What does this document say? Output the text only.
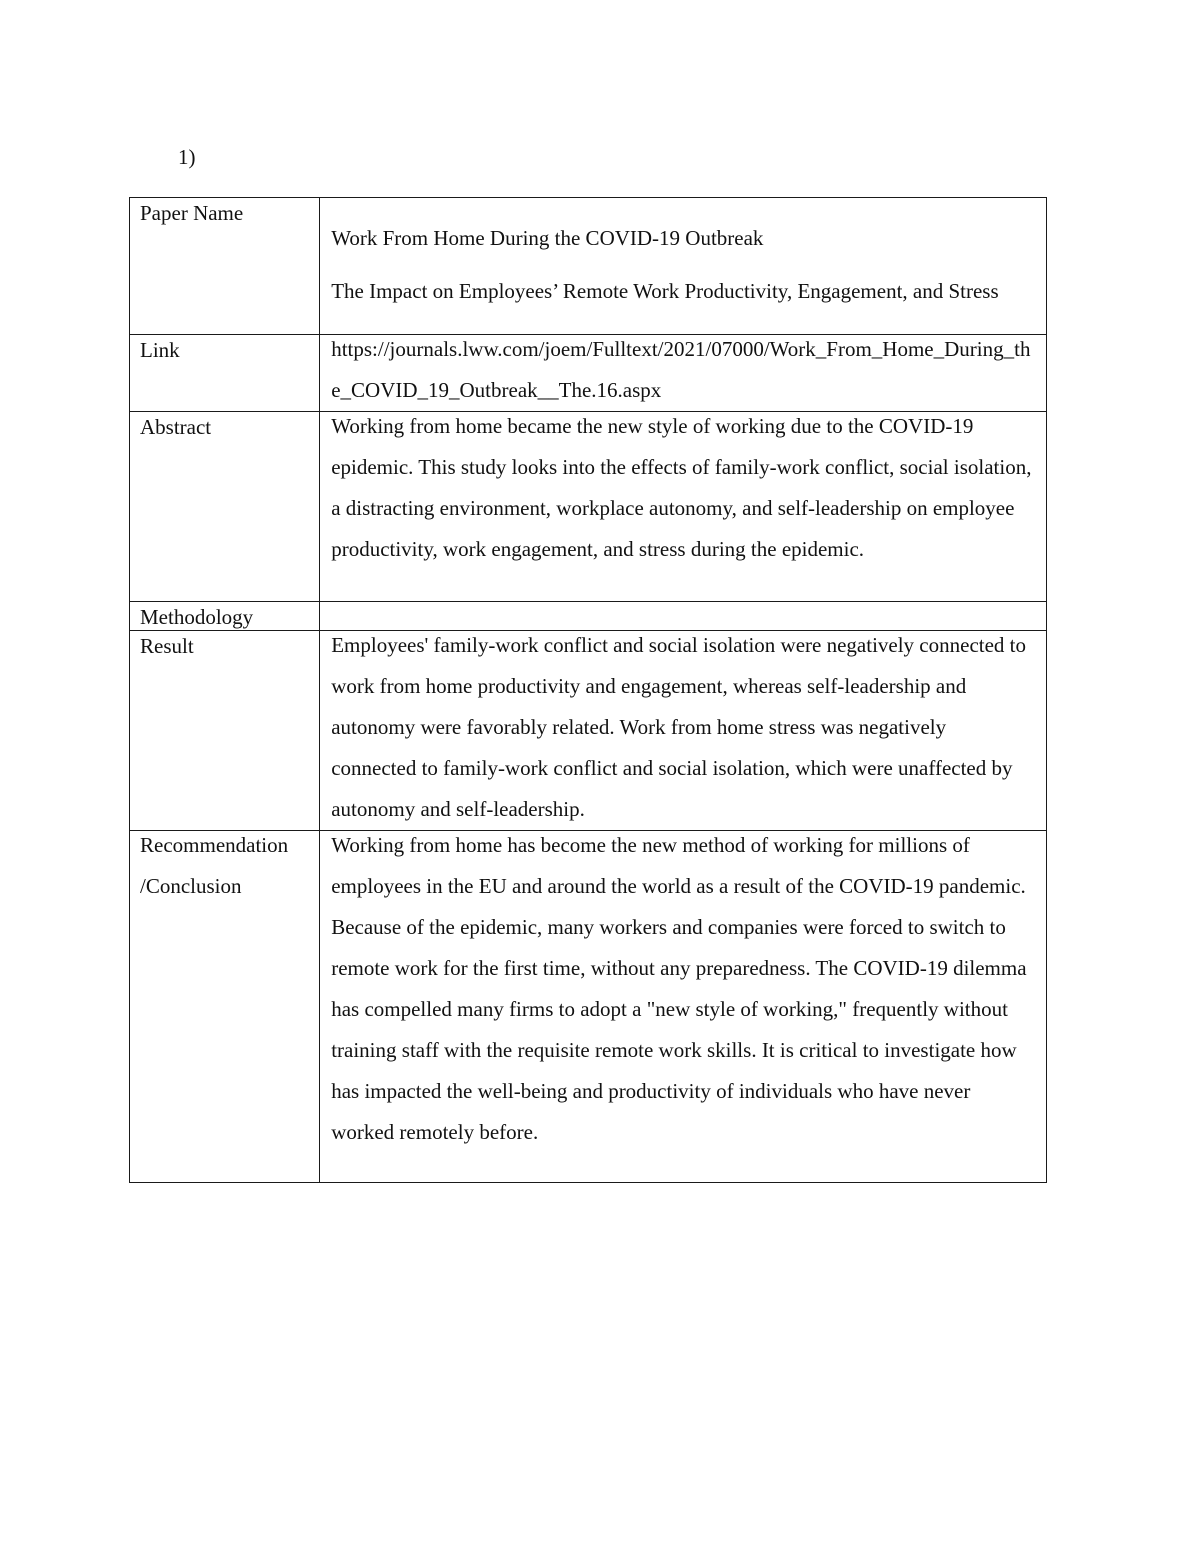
1)
Paper Name	Work From Home During the COVID-19 Outbreak
The Impact on Employees’ Remote Work Productivity, Engagement, and Stress

Link	https://journals.lww.com/joem/Fulltext/2021/07000/Work_From_Home_During_the_COVID_19_Outbreak__The.16.aspx

Abstract	Working from home became the new style of working due to the COVID-19 epidemic. This study looks into the effects of family-work conflict, social isolation, a distracting environment, workplace autonomy, and self-leadership on employee productivity, work engagement, and stress during the epidemic.

Methodology	

Result	Employees' family-work conflict and social isolation were negatively connected to work from home productivity and engagement, whereas self-leadership and autonomy were favorably related. Work from home stress was negatively connected to family-work conflict and social isolation, which were unaffected by autonomy and self-leadership.

Recommendation /Conclusion	Working from home has become the new method of working for millions of employees in the EU and around the world as a result of the COVID-19 pandemic. Because of the epidemic, many workers and companies were forced to switch to remote work for the first time, without any preparedness. The COVID-19 dilemma has compelled many firms to adopt a "new style of working," frequently without training staff with the requisite remote work skills. It is critical to investigate how has impacted the well-being and productivity of individuals who have never worked remotely before.
